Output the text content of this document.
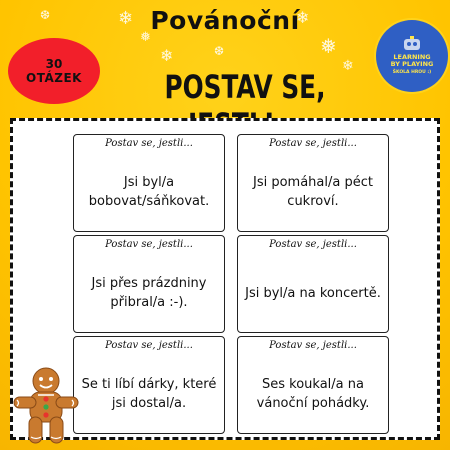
❄
❅
❄
❄
❅
❄
❆
❆
Povánoční
POSTAV SE,
30
OTÁZEK
LEARNING
BY PLAYING
ŠKOLA HROU :)
Postav se, jestli...
Jsi byl/a
bobovat/sáňkovat.
Postav se, jestli...
Jsi pomáhal/a péct
cukroví.
Postav se, jestli...
Jsi přes prázdniny
přibral/a :-).
Postav se, jestli...
Jsi byl/a na koncertě.
Postav se, jestli...
Se ti líbí dárky, které
jsi dostal/a.
Postav se, jestli...
Ses koukal/a na
vánoční pohádky.
